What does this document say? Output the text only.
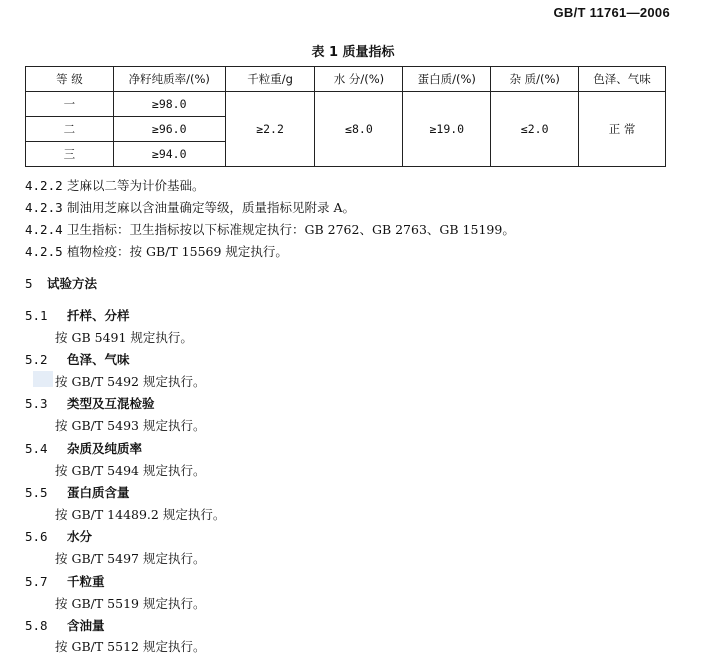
GB/T 11761—2006
表 1 质量指标
等 级	净籽纯质率/(%)	千粒重/g	水 分/(%)	蛋白质/(%)	杂 质/(%)	色泽、气味
一	≥98.0	≥2.2	≤8.0	≥19.0	≤2.0	正 常
二	≥96.0					
三	≥94.0					
4.2.2 芝麻以二等为计价基础。
4.2.3 制油用芝麻以含油量确定等级，质量指标见附录 A。
4.2.4 卫生指标：卫生指标按以下标准规定执行：GB 2762、GB 2763、GB 15199。
4.2.5 植物检疫：按 GB/T 15569 规定执行。
5 试验方法
5.1 扦样、分样
按 GB 5491 规定执行。
5.2 色泽、气味
按 GB/T 5492 规定执行。
5.3 类型及互混检验
按 GB/T 5493 规定执行。
5.4 杂质及纯质率
按 GB/T 5494 规定执行。
5.5 蛋白质含量
按 GB/T 14489.2 规定执行。
5.6 水分
按 GB/T 5497 规定执行。
5.7 千粒重
按 GB/T 5519 规定执行。
5.8 含油量
按 GB/T 5512 规定执行。
